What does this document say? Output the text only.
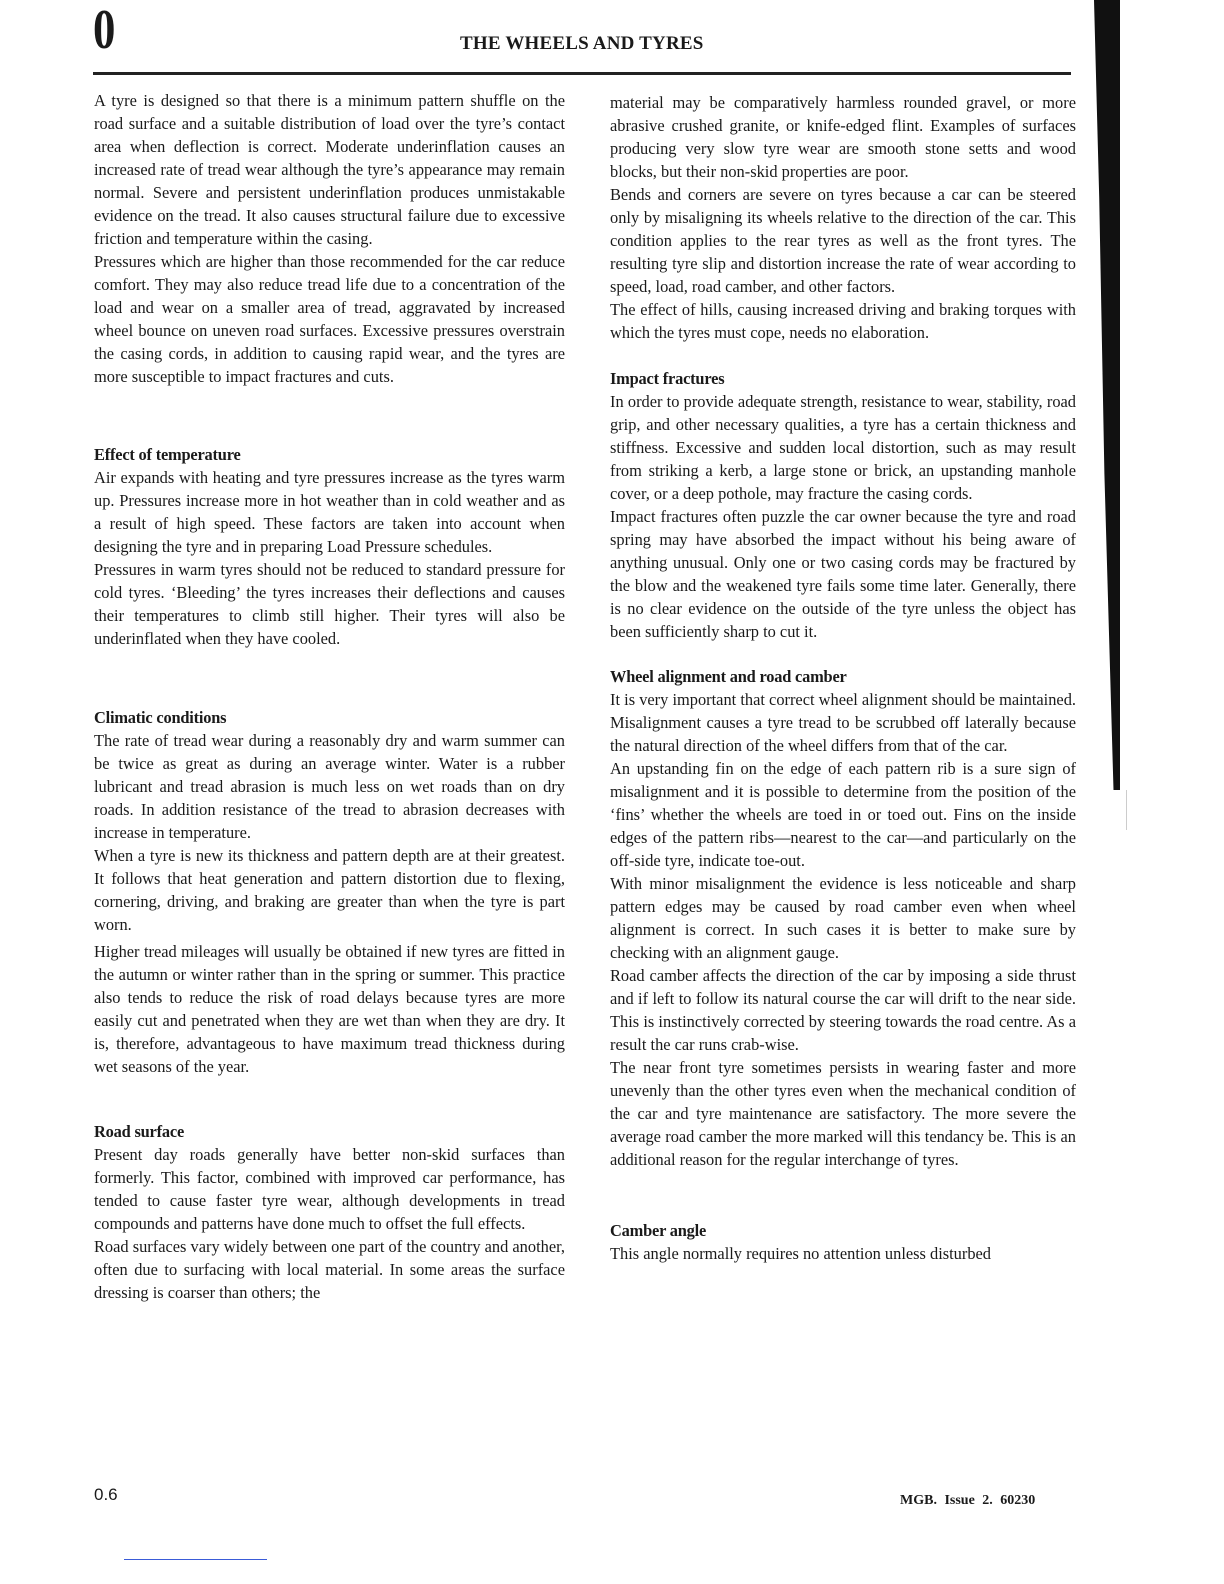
0	THE WHEELS AND TYRES

A tyre is designed so that there is a minimum pattern shuffle on the road surface and a suitable distribution of load over the tyre’s contact area when deflection is correct. Moderate underinflation causes an increased rate of tread wear although the tyre’s appearance may remain normal. Severe and persistent underinflation produces unmistakable evidence on the tread. It also causes structural failure due to excessive friction and temperature within the casing.

Pressures which are higher than those recommended for the car reduce comfort. They may also reduce tread life due to a concentration of the load and wear on a smaller area of tread, aggravated by increased wheel bounce on uneven road surfaces. Excessive pressures overstrain the casing cords, in addition to causing rapid wear, and the tyres are more susceptible to impact fractures and cuts.

Effect of temperature

Air expands with heating and tyre pressures increase as the tyres warm up. Pressures increase more in hot weather than in cold weather and as a result of high speed. These factors are taken into account when designing the tyre and in preparing Load Pressure schedules.

Pressures in warm tyres should not be reduced to standard pressure for cold tyres. ‘Bleeding’ the tyres increases their deflections and causes their temperatures to climb still higher. Their tyres will also be underinflated when they have cooled.

Climatic conditions

The rate of tread wear during a reasonably dry and warm summer can be twice as great as during an average winter. Water is a rubber lubricant and tread abrasion is much less on wet roads than on dry roads. In addition resistance of the tread to abrasion decreases with increase in temperature.

When a tyre is new its thickness and pattern depth are at their greatest. It follows that heat generation and pattern distortion due to flexing, cornering, driving, and braking are greater than when the tyre is part worn.

Higher tread mileages will usually be obtained if new tyres are fitted in the autumn or winter rather than in the spring or summer. This practice also tends to reduce the risk of road delays because tyres are more easily cut and penetrated when they are wet than when they are dry. It is, therefore, advantageous to have maximum tread thickness during wet seasons of the year.

Road surface

Present day roads generally have better non-skid surfaces than formerly. This factor, combined with improved car performance, has tended to cause faster tyre wear, although developments in tread compounds and patterns have done much to offset the full effects.

Road surfaces vary widely between one part of the country and another, often due to surfacing with local material. In some areas the surface dressing is coarser than others; the

material may be comparatively harmless rounded gravel, or more abrasive crushed granite, or knife-edged flint. Examples of surfaces producing very slow tyre wear are smooth stone setts and wood blocks, but their non-skid properties are poor.

Bends and corners are severe on tyres because a car can be steered only by misaligning its wheels relative to the direction of the car. This condition applies to the rear tyres as well as the front tyres. The resulting tyre slip and distortion increase the rate of wear according to speed, load, road camber, and other factors.

The effect of hills, causing increased driving and braking torques with which the tyres must cope, needs no elaboration.

Impact fractures

In order to provide adequate strength, resistance to wear, stability, road grip, and other necessary qualities, a tyre has a certain thickness and stiffness. Excessive and sudden local distortion, such as may result from striking a kerb, a large stone or brick, an upstanding manhole cover, or a deep pothole, may fracture the casing cords.

Impact fractures often puzzle the car owner because the tyre and road spring may have absorbed the impact without his being aware of anything unusual. Only one or two casing cords may be fractured by the blow and the weakened tyre fails some time later. Generally, there is no clear evidence on the outside of the tyre unless the object has been sufficiently sharp to cut it.

Wheel alignment and road camber

It is very important that correct wheel alignment should be maintained. Misalignment causes a tyre tread to be scrubbed off laterally because the natural direction of the wheel differs from that of the car.

An upstanding fin on the edge of each pattern rib is a sure sign of misalignment and it is possible to determine from the position of the ‘fins’ whether the wheels are toed in or toed out. Fins on the inside edges of the pattern ribs—nearest to the car—and particularly on the off-side tyre, indicate toe-out.

With minor misalignment the evidence is less noticeable and sharp pattern edges may be caused by road camber even when wheel alignment is correct. In such cases it is better to make sure by checking with an alignment gauge.

Road camber affects the direction of the car by imposing a side thrust and if left to follow its natural course the car will drift to the near side. This is instinctively corrected by steering towards the road centre. As a result the car runs crab-wise.

The near front tyre sometimes persists in wearing faster and more unevenly than the other tyres even when the mechanical condition of the car and tyre maintenance are satisfactory. The more severe the average road camber the more marked will this tendancy be. This is an additional reason for the regular interchange of tyres.

Camber angle

This angle normally requires no attention unless disturbed

0.6	MGB. Issue 2. 60230
